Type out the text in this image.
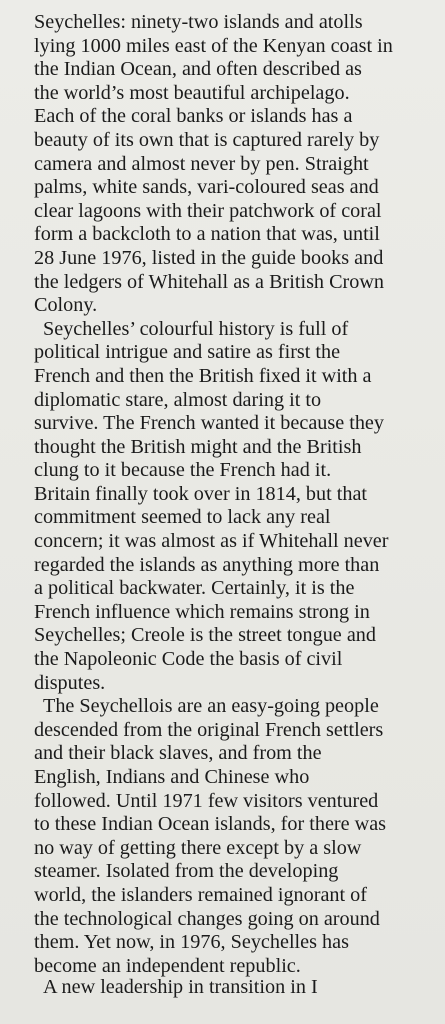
Seychelles: ninety-two islands and atolls
lying 1000 miles east of the Kenyan coast in
the Indian Ocean, and often described as
the world’s most beautiful archipelago.
Each of the coral banks or islands has a
beauty of its own that is captured rarely by
camera and almost never by pen. Straight
palms, white sands, vari-coloured seas and
clear lagoons with their patchwork of coral
form a backcloth to a nation that was, until
28 June 1976, listed in the guide books and
the ledgers of Whitehall as a British Crown
Colony.
Seychelles’ colourful history is full of
political intrigue and satire as first the
French and then the British fixed it with a
diplomatic stare, almost daring it to
survive. The French wanted it because they
thought the British might and the British
clung to it because the French had it.
Britain finally took over in 1814, but that
commitment seemed to lack any real
concern; it was almost as if Whitehall never
regarded the islands as anything more than
a political backwater. Certainly, it is the
French influence which remains strong in
Seychelles; Creole is the street tongue and
the Napoleonic Code the basis of civil
disputes.
The Seychellois are an easy-going people
descended from the original French settlers
and their black slaves, and from the
English, Indians and Chinese who
followed. Until 1971 few visitors ventured
to these Indian Ocean islands, for there was
no way of getting there except by a slow
steamer. Isolated from the developing
world, the islanders remained ignorant of
the technological changes going on around
them. Yet now, in 1976, Seychelles has
become an independent republic.
A new leadership in transition in I
